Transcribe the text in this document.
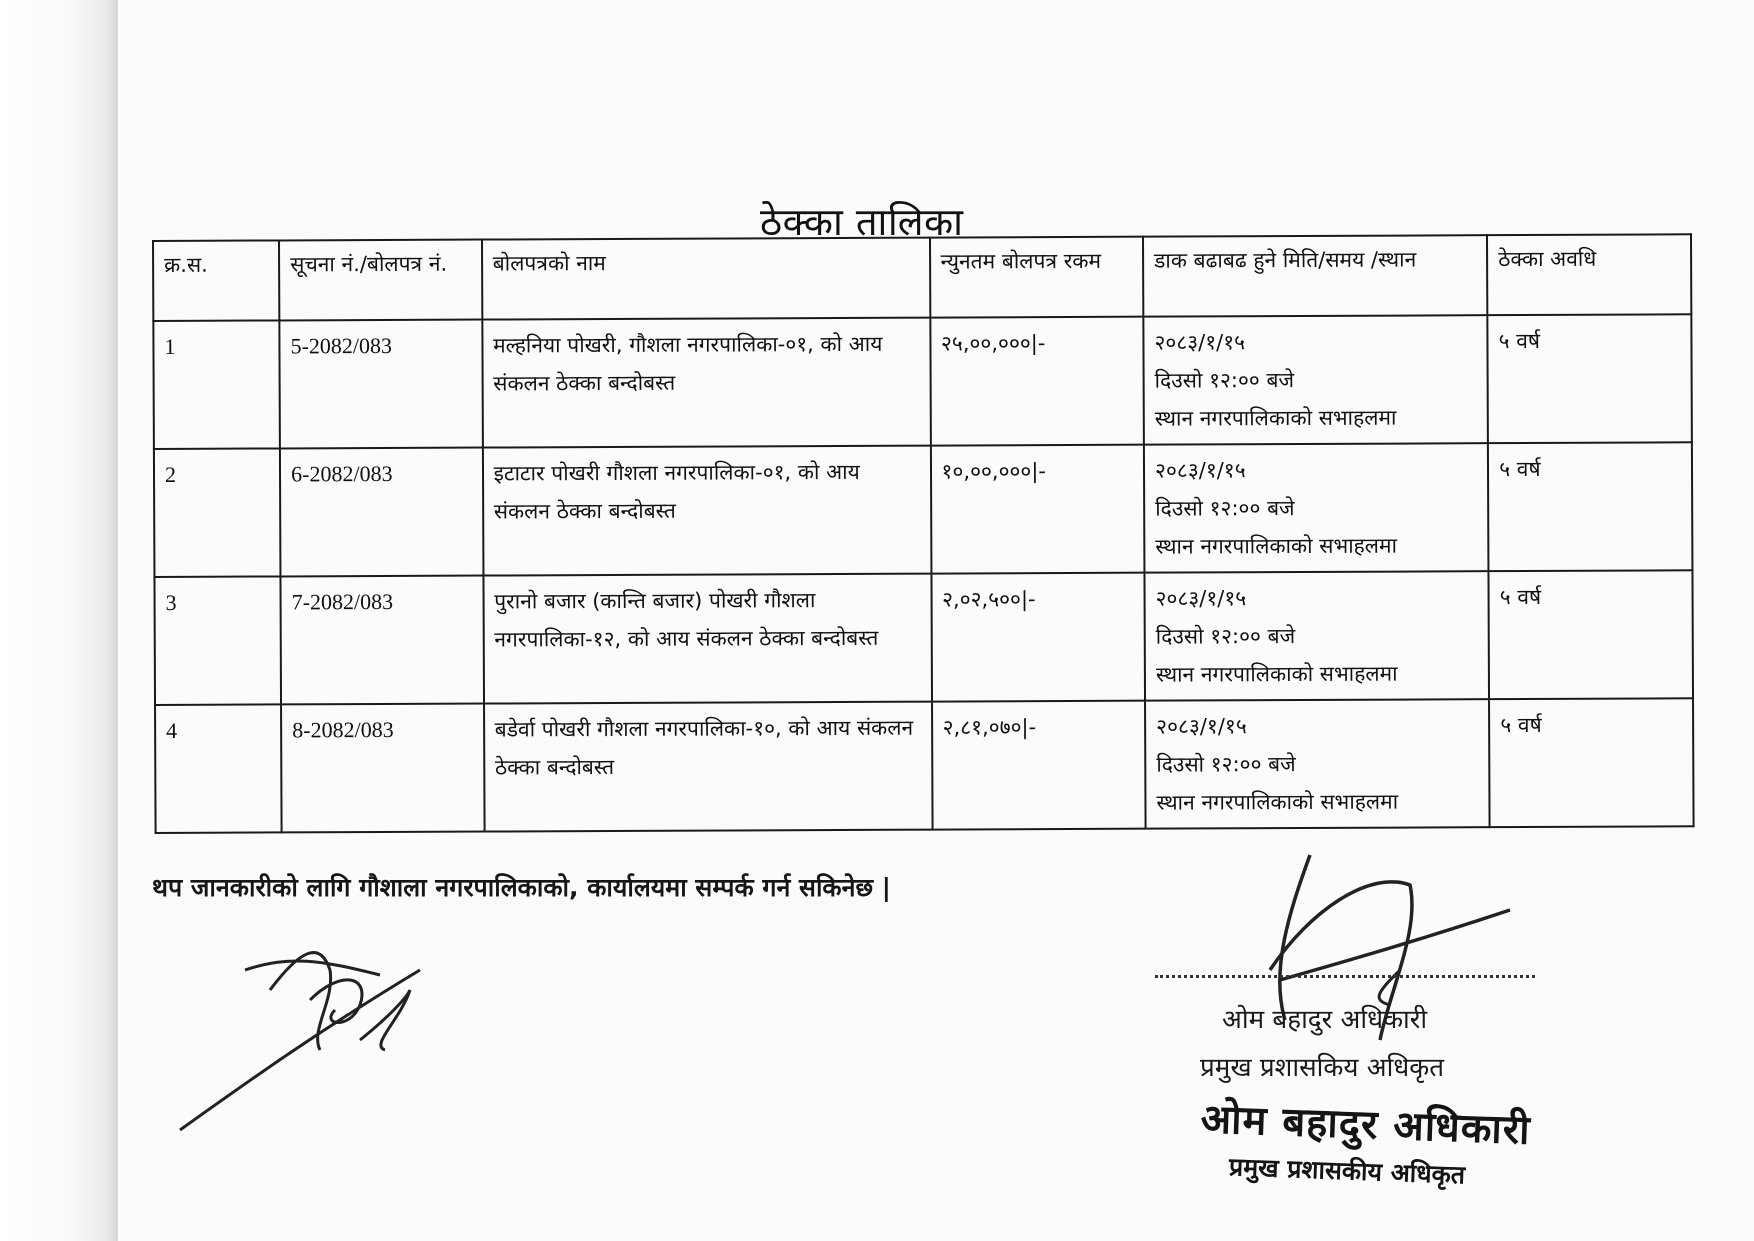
ठेक्का तालिका
क्र.स.	सूचना नं./बोलपत्र नं.	बोलपत्रको नाम	न्युनतम बोलपत्र रकम	डाक बढाबढ हुने मिति/समय /स्थान	ठेक्का अवधि
1	5-2082/083	मल्हनिया पोखरी, गौशला नगरपालिका-०१, को आय संकलन ठेक्का बन्दोबस्त	२५,००,०००|-	२०८३/१/१५
दिउसो १२:०० बजे
स्थान नगरपालिकाको सभाहलमा	५ वर्ष
2	6-2082/083	इटाटार पोखरी गौशला नगरपालिका-०१, को आय संकलन ठेक्का बन्दोबस्त	१०,००,०००|-	२०८३/१/१५
दिउसो १२:०० बजे
स्थान नगरपालिकाको सभाहलमा	५ वर्ष
3	7-2082/083	पुरानो बजार (कान्ति बजार) पोखरी गौशला नगरपालिका-१२, को आय संकलन ठेक्का बन्दोबस्त	२,०२,५००|-	२०८३/१/१५
दिउसो १२:०० बजे
स्थान नगरपालिकाको सभाहलमा	५ वर्ष
4	8-2082/083	बडेर्वा पोखरी गौशला नगरपालिका-१०, को आय संकलन ठेक्का बन्दोबस्त	२,८१,०७०|-	२०८३/१/१५
दिउसो १२:०० बजे
स्थान नगरपालिकाको सभाहलमा	५ वर्ष
थप जानकारीको लागि गौशाला नगरपालिकाको, कार्यालयमा सम्पर्क गर्न सकिनेछ |
ओम बहादुर अधिकारी
प्रमुख प्रशासकिय अधिकृत
ओम बहादुर अधिकारी
प्रमुख प्रशासकीय अधिकृत
